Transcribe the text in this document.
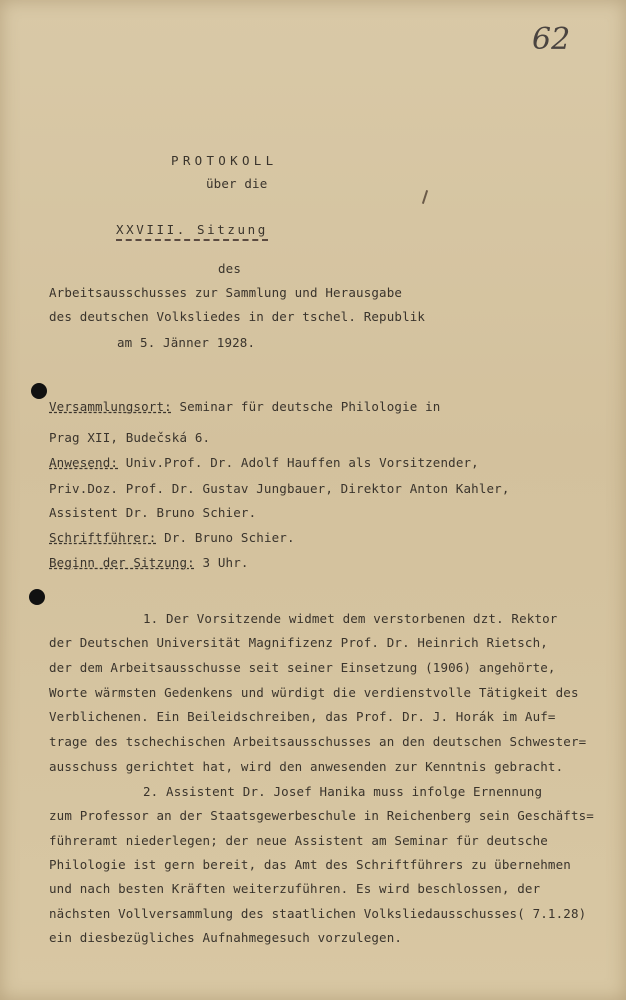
62
PROTOKOLL
über die
XXVIII. Sitzung
des
Arbeitsausschusses zur Sammlung und Herausgabe
des deutschen Volksliedes in der tschel. Republik
am 5. Jänner 1928.
Versammlungsort: Seminar für deutsche Philologie in
Prag XII, Budečská 6.
Anwesend: Univ.Prof. Dr. Adolf Hauffen als Vorsitzender,
Priv.Doz. Prof. Dr. Gustav Jungbauer, Direktor Anton Kahler,
Assistent Dr. Bruno Schier.
Schriftführer: Dr. Bruno Schier.
Beginn der Sitzung: 3 Uhr.
1. Der Vorsitzende widmet dem verstorbenen dzt. Rektor
der Deutschen Universität Magnifizenz Prof. Dr. Heinrich Rietsch,
der dem Arbeitsausschusse seit seiner Einsetzung (1906) angehörte,
Worte wärmsten Gedenkens und würdigt die verdienstvolle Tätigkeit des
Verblichenen. Ein Beileidschreiben, das Prof. Dr. J. Horák im Auf=
trage des tschechischen Arbeitsausschusses an den deutschen Schwester=
ausschuss gerichtet hat, wird den anwesenden zur Kenntnis gebracht.
2. Assistent Dr. Josef Hanika muss infolge Ernennung
zum Professor an der Staatsgewerbeschule in Reichenberg sein Geschäfts=
führeramt niederlegen; der neue Assistent am Seminar für deutsche
Philologie ist gern bereit, das Amt des Schriftführers zu übernehmen
und nach besten Kräften weiterzuführen. Es wird beschlossen, der
nächsten Vollversammlung des staatlichen Volksliedausschusses( 7.1.28)
ein diesbezügliches Aufnahmegesuch vorzulegen.
